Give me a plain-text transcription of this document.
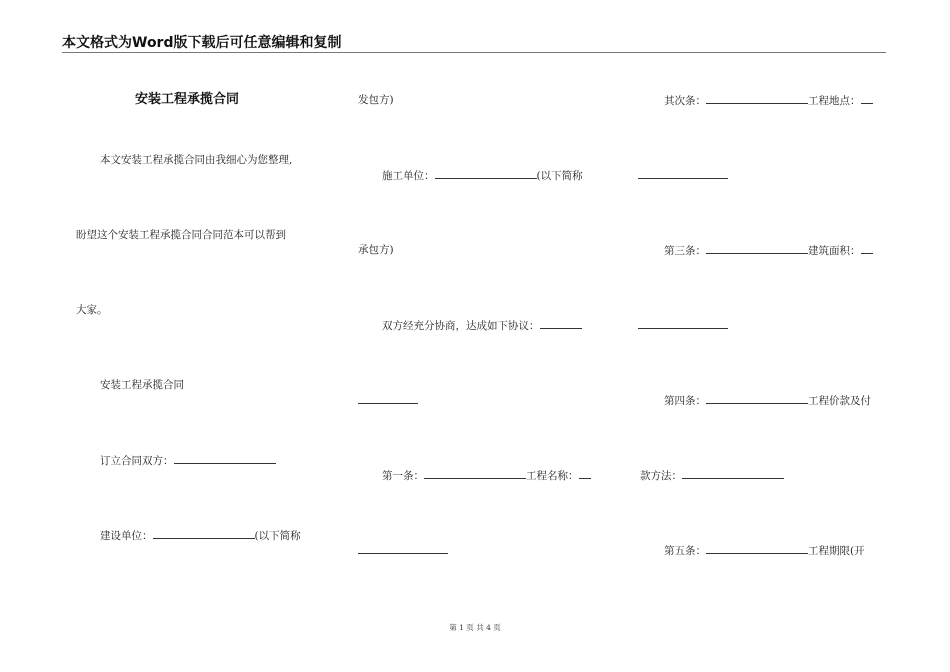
本文格式为Word版下载后可任意编辑和复制
安装工程承揽合同
本文安装工程承揽合同由我细心为您整理,
盼望这个安装工程承揽合同合同范本可以帮到
大家。
安装工程承揽合同
订立合同双方：
建设单位：	(以下简称
发包方)
施工单位：	(以下简称
承包方)
双方经充分协商，达成如下协议：
第一条：	工程名称：
其次条：	工程地点：
第三条：	建筑面积：
第四条：	工程价款及付
款方法：
第五条：	工程期限(开
第 1 页 共 4 页
